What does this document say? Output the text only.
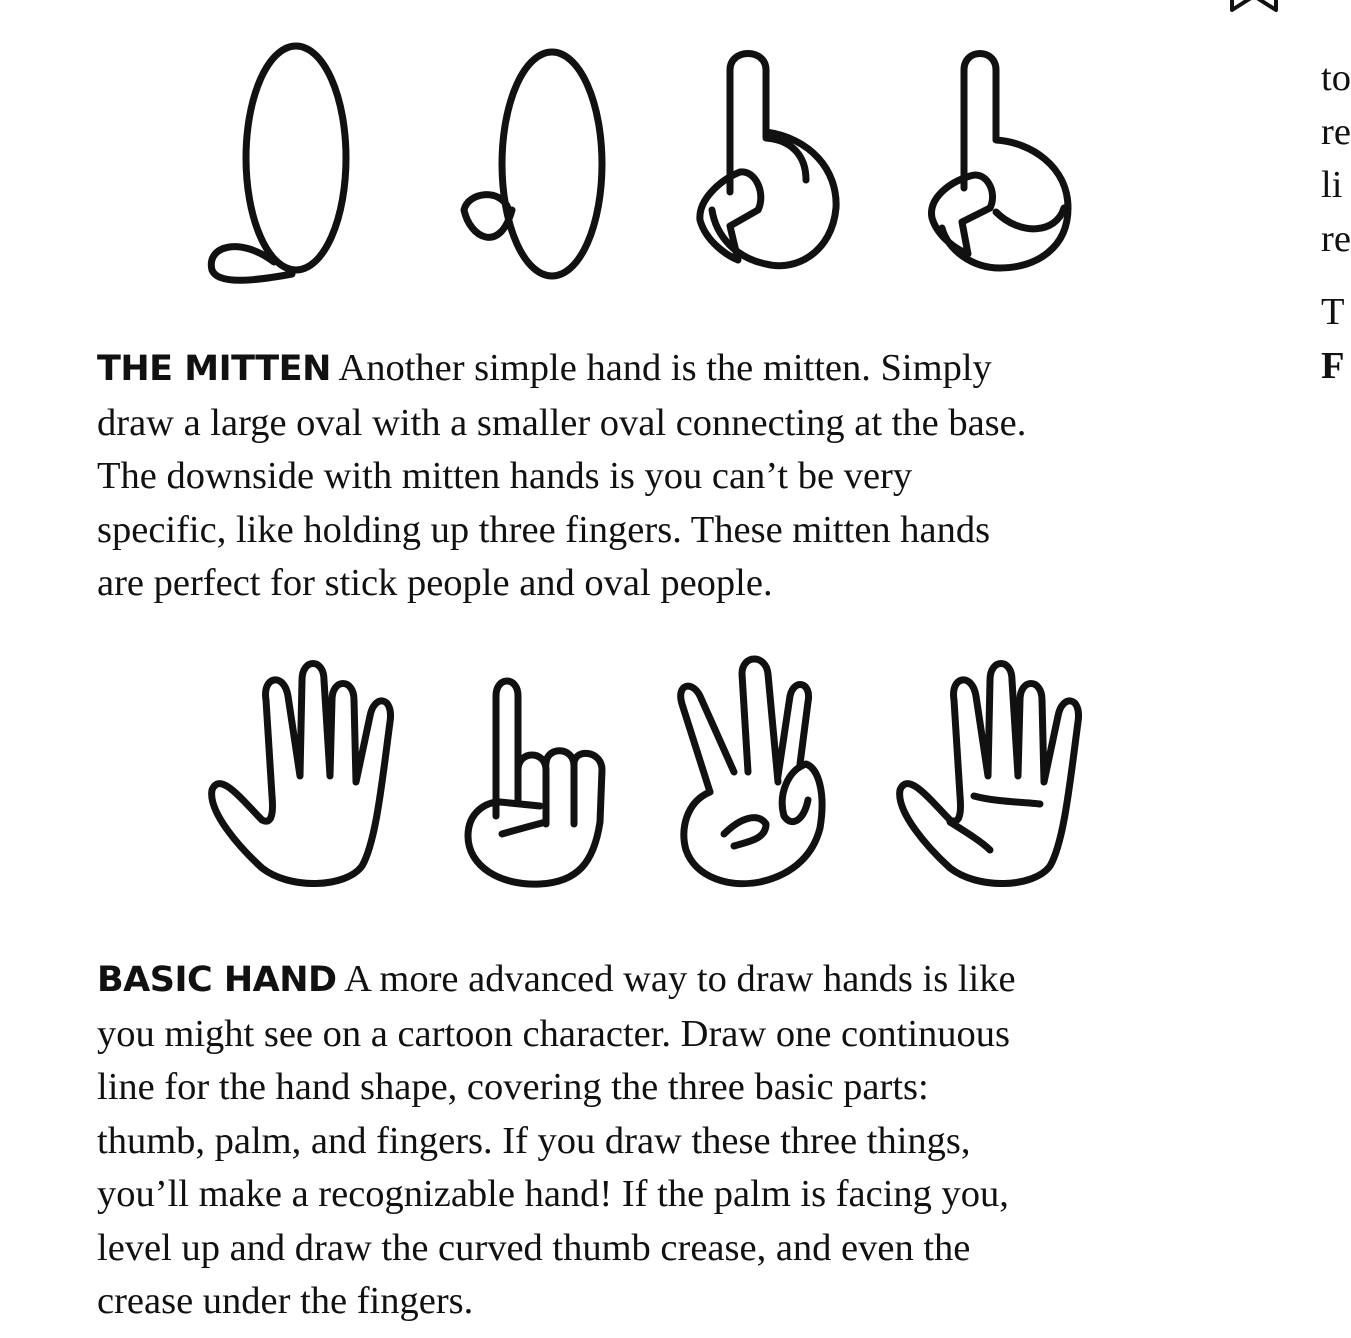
THE MITTEN Another simple hand is the mitten. Simply

draw a large oval with a smaller oval connecting at the base.

The downside with mitten hands is you can’t be very

specific, like holding up three fingers. These mitten hands

are perfect for stick people and oval people.

BASIC HAND A more advanced way to draw hands is like

you might see on a cartoon character. Draw one continuous

line for the hand shape, covering the three basic parts:

thumb, palm, and fingers. If you draw these three things,

you’ll make a recognizable hand! If the palm is facing you,

level up and draw the curved thumb crease, and even the

crease under the fingers.

to
re
li
re
T
F
